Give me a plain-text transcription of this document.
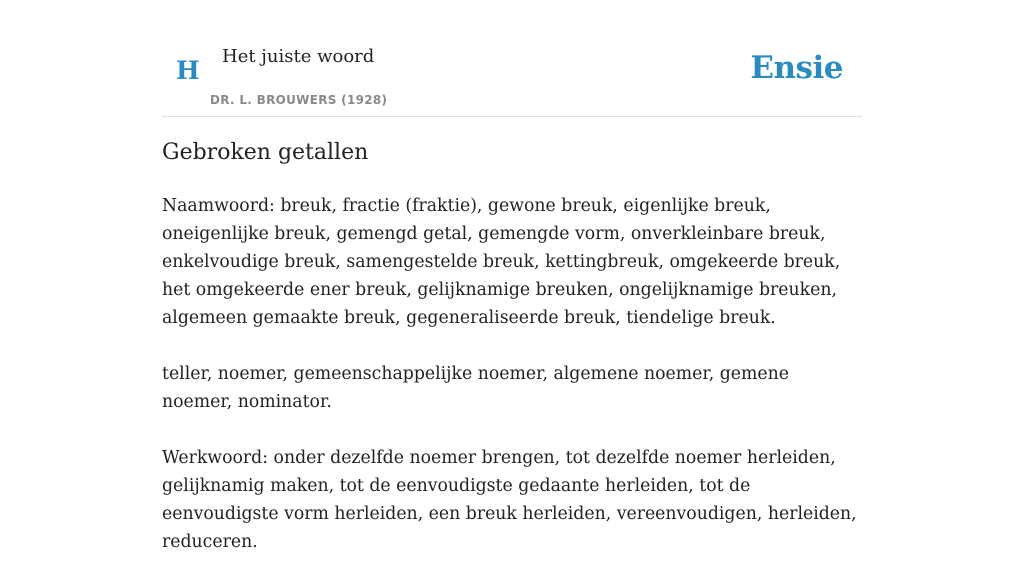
H Het juiste woord
DR. L. BROUWERS (1928)
Ensie
Gebroken getallen

Naamwoord: breuk, fractie (fraktie), gewone breuk, eigenlijke breuk, oneigenlijke breuk, gemengd getal, gemengde vorm, onverkleinbare breuk, enkelvoudige breuk, samengestelde breuk, kettingbreuk, omgekeerde breuk, het omgekeerde ener breuk, gelijknamige breuken, ongelijknamige breuken, algemeen gemaakte breuk, gegeneraliseerde breuk, tiendelige breuk.

teller, noemer, gemeenschappelijke noemer, algemene noemer, gemene noemer, nominator.

Werkwoord: onder dezelfde noemer brengen, tot dezelfde noemer herleiden, gelijknamig maken, tot de eenvoudigste gedaante herleiden, tot de eenvoudigste vorm herleiden, een breuk herleiden, vereenvoudigen, herleiden, reduceren.
